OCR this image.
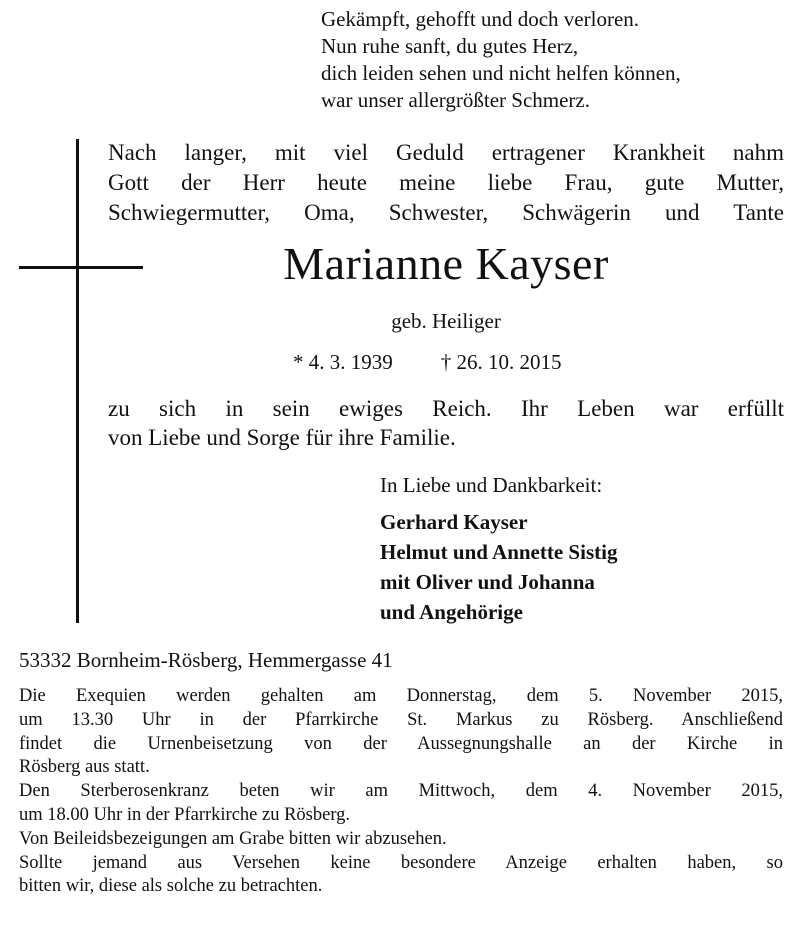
Gekämpft, gehofft und doch verloren.
Nun ruhe sanft, du gutes Herz,
dich leiden sehen und nicht helfen können,
war unser allergrößter Schmerz.
Nach langer, mit viel Geduld ertragener Krankheit nahm
Gott der Herr heute meine liebe Frau, gute Mutter,
Schwiegermutter, Oma, Schwester, Schwägerin und Tante
Marianne Kayser
geb. Heiliger
* 4. 3. 1939 † 26. 10. 2015
zu sich in sein ewiges Reich. Ihr Leben war erfüllt
von Liebe und Sorge für ihre Familie.
In Liebe und Dankbarkeit:
Gerhard Kayser
Helmut und Annette Sistig
mit Oliver und Johanna
und Angehörige
53332 Bornheim-Rösberg, Hemmergasse 41
Die Exequien werden gehalten am Donnerstag, dem 5. November 2015,
um 13.30 Uhr in der Pfarrkirche St. Markus zu Rösberg. Anschließend
findet die Urnenbeisetzung von der Aussegnungshalle an der Kirche in
Rösberg aus statt.
Den Sterberosenkranz beten wir am Mittwoch, dem 4. November 2015,
um 18.00 Uhr in der Pfarrkirche zu Rösberg.
Von Beileidsbezeigungen am Grabe bitten wir abzusehen.
Sollte jemand aus Versehen keine besondere Anzeige erhalten haben, so
bitten wir, diese als solche zu betrachten.
